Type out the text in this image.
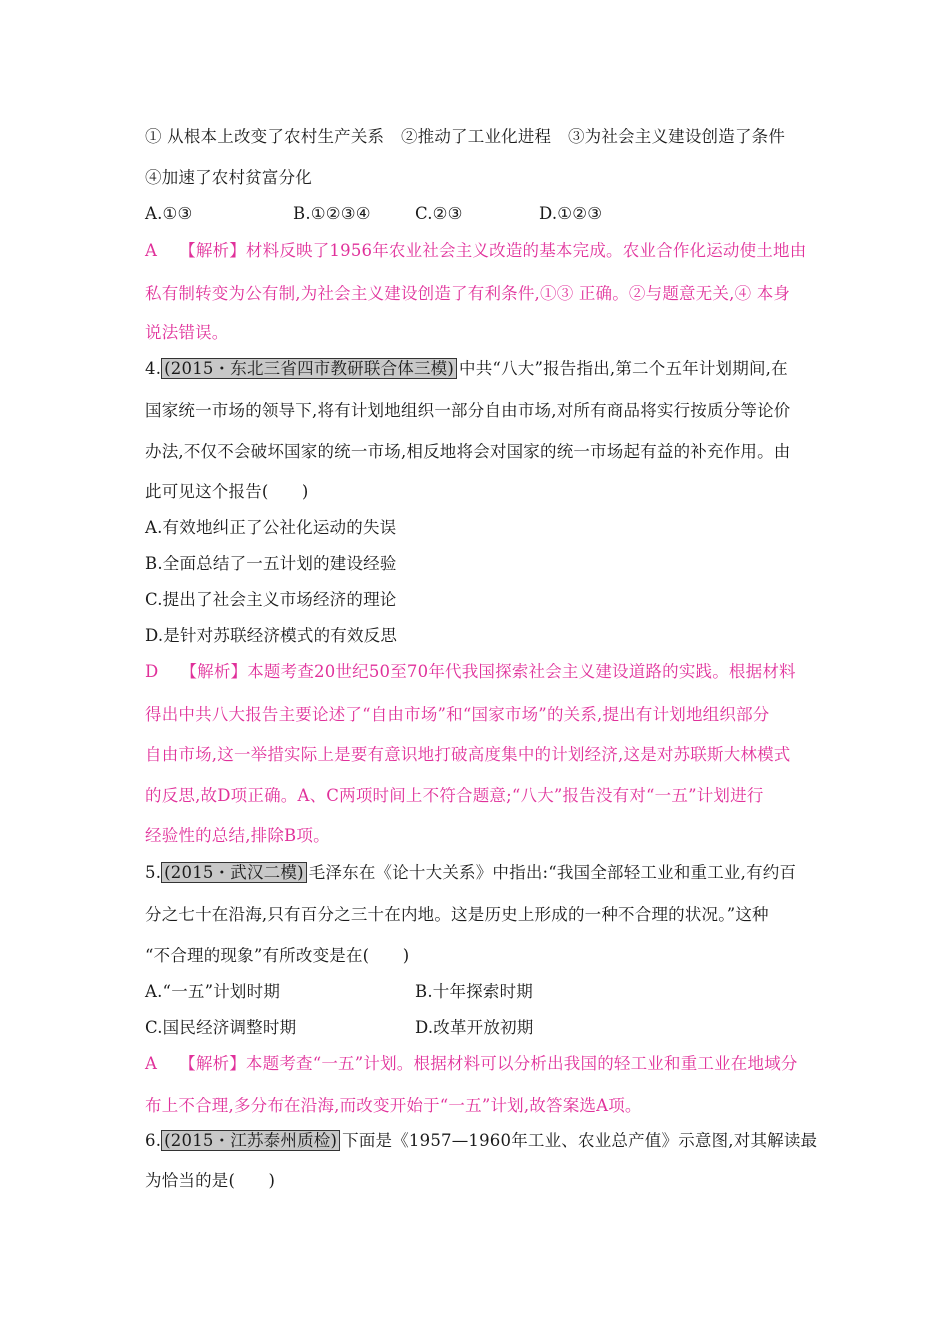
① 从根本上改变了农村生产关系　②推动了工业化进程　③为社会主义建设创造了条件
④加速了农村贫富分化
A.①③	B.①②③④	C.②③	D.①②③
A 【解析】材料反映了1956年农业社会主义改造的基本完成。农业合作化运动使土地由
私有制转变为公有制,为社会主义建设创造了有利条件,①③ 正确。②与题意无关,④ 本身
说法错误。
4. (2015・东北三省四市教研联合体三模) 中共“八大”报告指出,第二个五年计划期间,在
国家统一市场的领导下,将有计划地组织一部分自由市场,对所有商品将实行按质分等论价
办法,不仅不会破坏国家的统一市场,相反地将会对国家的统一市场起有益的补充作用。由
此可见这个报告(　　)
A.有效地纠正了公社化运动的失误
B.全面总结了一五计划的建设经验
C.提出了社会主义市场经济的理论
D.是针对苏联经济模式的有效反思
D 【解析】本题考查20世纪50至70年代我国探索社会主义建设道路的实践。根据材料
得出中共八大报告主要论述了“自由市场”和“国家市场”的关系,提出有计划地组织部分
自由市场,这一举措实际上是要有意识地打破高度集中的计划经济,这是对苏联斯大林模式
的反思,故D项正确。A、C两项时间上不符合题意;“八大”报告没有对“一五”计划进行
经验性的总结,排除B项。
5. (2015・武汉二模) 毛泽东在《论十大关系》中指出:“我国全部轻工业和重工业,有约百
分之七十在沿海,只有百分之三十在内地。这是历史上形成的一种不合理的状况。”这种
“不合理的现象”有所改变是在(　　)
A.“一五”计划时期	B.十年探索时期
C.国民经济调整时期	D.改革开放初期
A 【解析】本题考查“一五”计划。根据材料可以分析出我国的轻工业和重工业在地域分
布上不合理,多分布在沿海,而改变开始于“一五”计划,故答案选A项。
6. (2015・江苏泰州质检) 下面是《1957—1960年工业、农业总产值》示意图,对其解读最
为恰当的是(　　)
